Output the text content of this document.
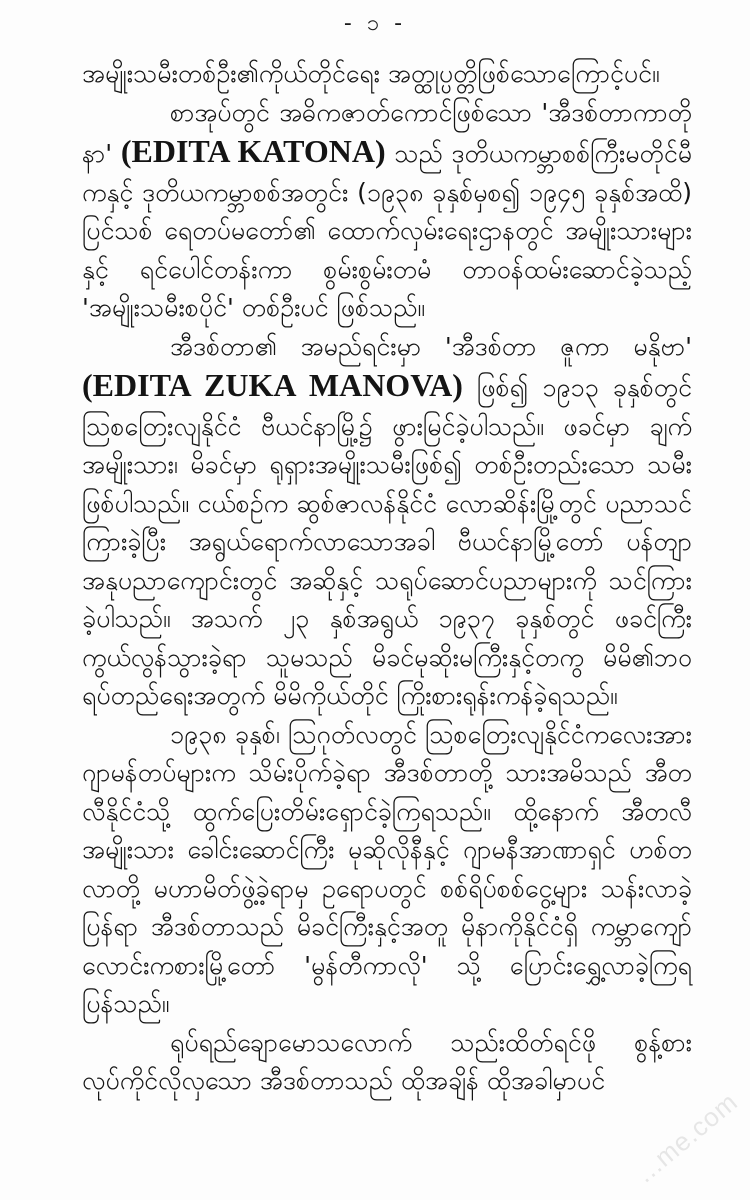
- ၁ -

အမျိုးသမီးတစ်ဦး၏ကိုယ်တိုင်ရေး အတ္ထုပ္ပတ္တိဖြစ်သောကြောင့်ပင်။

စာအုပ်တွင် အဓိကဇာတ်ကောင်ဖြစ်သော 'အီဒစ်တာကာတိုနာ' (EDITA KATONA) သည် ဒုတိယကမ္ဘာစစ်ကြီးမတိုင်မီကနှင့် ဒုတိယကမ္ဘာစစ်အတွင်း (၁၉၃၈ ခုနှစ်မှစ၍ ၁၉၄၅ ခုနှစ်အထိ) ပြင်သစ် ရေတပ်မတော်၏ ထောက်လှမ်းရေးဌာနတွင် အမျိုးသားများနှင့် ရင်ပေါင်တန်းကာ စွမ်းစွမ်းတမံ တာဝန်ထမ်းဆောင်ခဲ့သည့် 'အမျိုးသမီးစပိုင်' တစ်ဦးပင် ဖြစ်သည်။

အီဒစ်တာ၏ အမည်ရင်းမှာ 'အီဒစ်တာ ဇူကာ မနိုဗာ' (EDITA ZUKA MANOVA) ဖြစ်၍ ၁၉၁၃ ခုနှစ်တွင် ဩစတြေးလျနိုင်ငံ ဗီယင်နာမြို့၌ ဖွားမြင်ခဲ့ပါသည်။ ဖခင်မှာ ချက်အမျိုးသား၊ မိခင်မှာ ရုရှားအမျိုးသမီးဖြစ်၍ တစ်ဦးတည်းသော သမီးဖြစ်ပါသည်။ ငယ်စဉ်က ဆွစ်ဇာလန်နိုင်ငံ လောဆိန်းမြို့တွင် ပညာသင်ကြားခဲ့ပြီး အရွယ်ရောက်လာသောအခါ ဗီယင်နာမြို့တော် ပန်တျာအနုပညာကျောင်းတွင် အဆိုနှင့် သရုပ်ဆောင်ပညာများကို သင်ကြားခဲ့ပါသည်။ အသက် ၂၃ နှစ်အရွယ် ၁၉၃၇ ခုနှစ်တွင် ဖခင်ကြီးကွယ်လွန်သွားခဲ့ရာ သူမသည် မိခင်မုဆိုးမကြီးနှင့်တကွ မိမိ၏ဘဝရပ်တည်ရေးအတွက် မိမိကိုယ်တိုင် ကြိုးစားရုန်းကန်ခဲ့ရသည်။

၁၉၃၈ ခုနှစ်၊ ဩဂုတ်လတွင် ဩစတြေးလျနိုင်ငံကလေးအား ဂျာမန်တပ်များက သိမ်းပိုက်ခဲ့ရာ အီဒစ်တာတို့ သားအမိသည် အီတလီနိုင်ငံသို့ ထွက်ပြေးတိမ်းရှောင်ခဲ့ကြရသည်။ ထို့နောက် အီတလီအမျိုးသား ခေါင်းဆောင်ကြီး မုဆိုလိုနီနှင့် ဂျာမနီအာဏာရှင် ဟစ်တလာတို့ မဟာမိတ်ဖွဲ့ခဲ့ရာမှ ဥရောပတွင် စစ်ရိပ်စစ်ငွေ့များ သန်းလာခဲ့ပြန်ရာ အီဒစ်တာသည် မိခင်ကြီးနှင့်အတူ မိုနာကိုနိုင်ငံရှိ ကမ္ဘာကျော် လောင်းကစားမြို့တော် 'မွန်တီကာလို' သို့ ပြောင်းရွှေ့လာခဲ့ကြရပြန်သည်။

ရုပ်ရည်ချောမောသလောက် သည်းထိတ်ရင်ဖို စွန့်စားလုပ်ကိုင်လိုလှသော အီဒစ်တာသည် ထိုအချိန် ထိုအခါမှာပင်

...me.com
